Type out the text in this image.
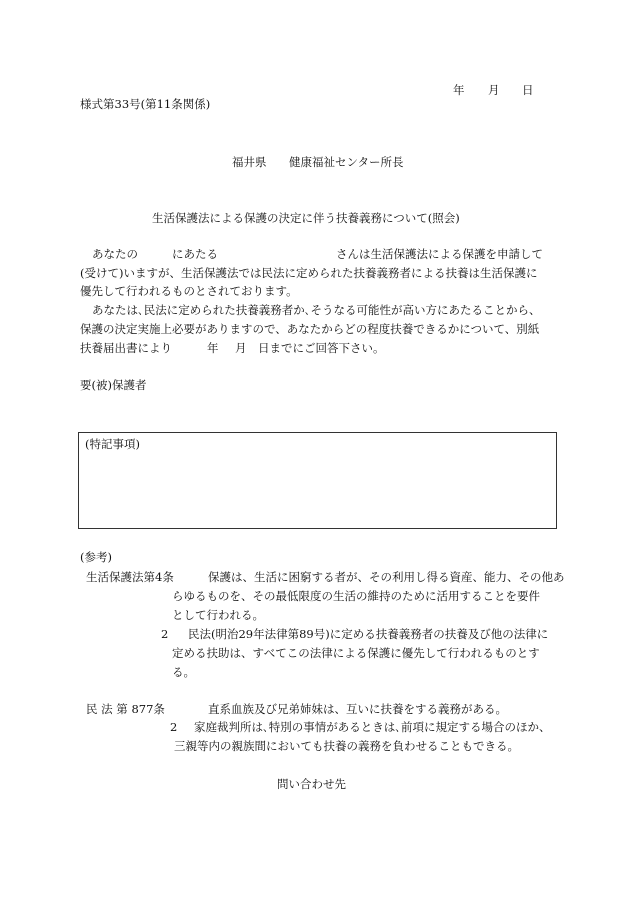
年 月 日
様式第33号(第11条関係)
福井県 健康福祉センター所長
生活保護法による保護の決定に伴う扶養義務について(照会)
あなたの	にあたる	さんは生活保護法による保護を申請して
(受けて)いますが、生活保護法では民法に定められた扶養義務者による扶養は生活保護に
優先して行われるものとされております。
あなたは､民法に定められた扶養義務者か､そうなる可能性が高い方にあたることから、
保護の決定実施上必要がありますので、あなたからどの程度扶養できるかについて、別紙
扶養届出書により	年 月 日までにご回答下さい。
要(被)保護者
(特記事項)
(参考)
生活保護法第4条	保護は、生活に困窮する者が、その利用し得る資産、能力、その他あ
らゆるものを、その最低限度の生活の維持のために活用することを要件
として行われる。
2 民法(明治29年法律第89号)に定める扶養義務者の扶養及び他の法律に
定める扶助は、すべてこの法律による保護に優先して行われるものとす
る。
民 法 第 877条	直系血族及び兄弟姉妹は、互いに扶養をする義務がある。
2 家庭裁判所は､特別の事情があるときは､前項に規定する場合のほか、
三親等内の親族間においても扶養の義務を負わせることもできる。
問い合わせ先
